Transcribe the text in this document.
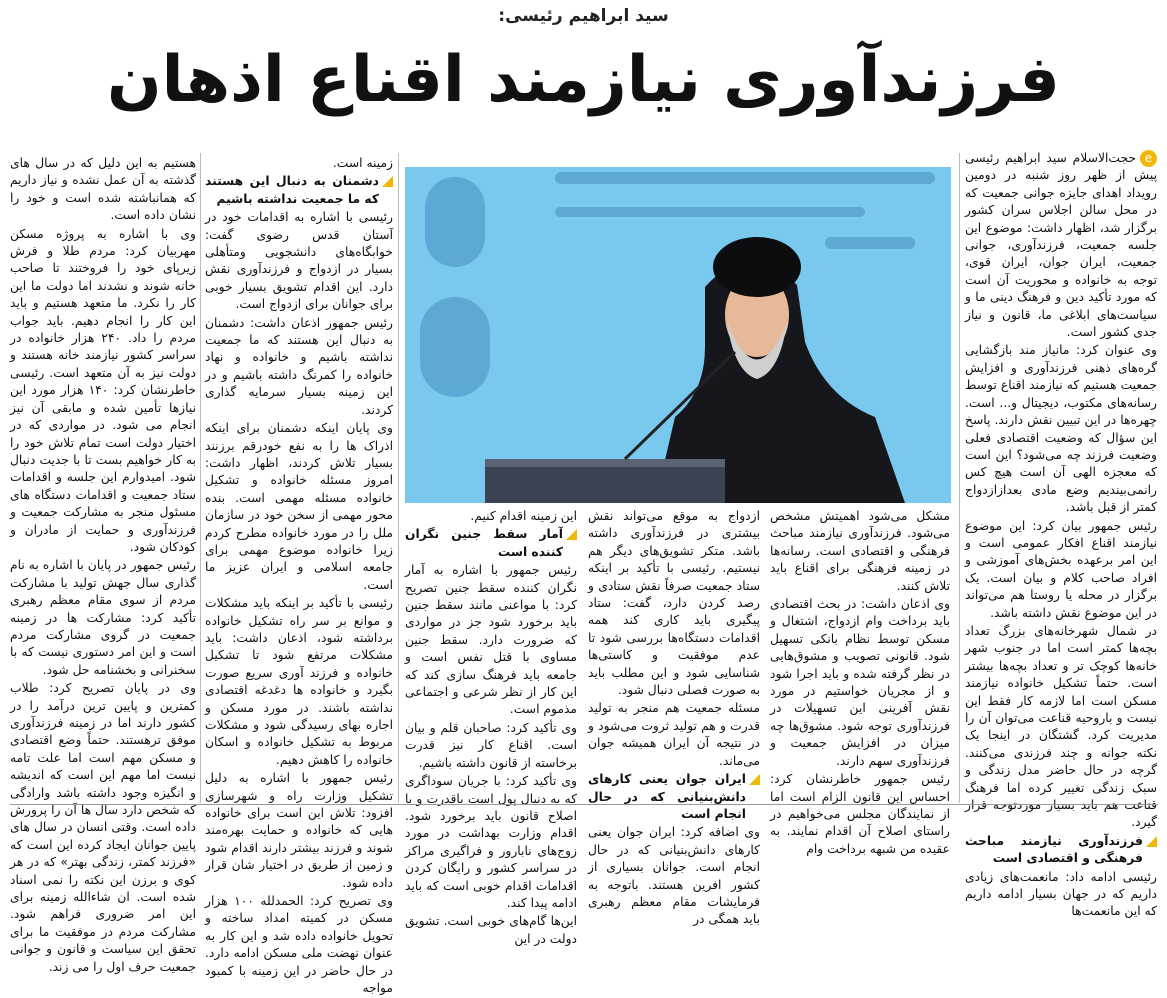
سید ابراهیم رئیسی:
فرزندآوری نیازمند اقناع اذهان

eحجت‌الاسلام سید ابراهیم رئیسی پیش از ظهر روز شنبه در دومین رویداد اهدای جایزه جوانی جمعیت که در محل سالن اجلاس سران کشور برگزار شد، اظهار داشت: موضوع این جلسه جمعیت، فرزندآوری، جوانی جمعیت، ایران جوان، ایران قوی، توجه به خانواده و محوریت آن است که مورد تأکید دین و فرهنگ دینی ما و سیاست‌های ابلاغی ما، قانون و نیاز جدی کشور است.

وی عنوان کرد: مانیاز مند بازگشایی گره‌های ذهنی فرزندآوری و افزایش جمعیت هستیم که نیازمند اقناع توسط رسانه‌های مکتوب، دیجیتال و... است. چهره‌ها در این تبیین نقش دارند. پاسخ این سؤال که وضعیت اقتصادی فعلی وضعیت فرزند چه می‌شود؟ این است که معجزه الهی آن است هیچ کس رانمی‌بیندیم وضع مادی بعدازازدواج کمتر از قبل باشد.

رئیس جمهور بیان کرد: این موضوع نیازمند اقناع افکار عمومی است و این امر برعهده بخش‌های آموزشی و افراد صاحب کلام و بیان است. یک برگزار در محله یا روستا هم می‌تواند در این موضوع نقش داشته باشد.

در شمال شهرخانه‌های بزرگ تعداد بچه‌ها کمتر است اما در جنوب شهر خانه‌ها کوچک تر و تعداد بچه‌ها بیشتر است. حتماً تشکیل خانواده نیازمند مسکن است اما لازمه کار فقط این نیست و باروحیه قناعت می‌توان آن را مدیریت کرد. گشتگان در اینجا یک نکته جوانه و چند فرزندی می‌کنند. گرچه در حال حاضر مدل زندگی و سبک زندگی تغییر کرده اما فرهنگ قناعت هم باید بسیار موردتوجه قرار گیرد.

فرزندآوری نیازمند مباحث فرهنگی و اقتصادی است

رئیسی ادامه داد: مانعمت‌های زیادی داریم که در جهان بسیار ادامه داریم که این مانعمت‌ها

مشکل می‌شود اهمیتش مشخص می‌شود. فرزندآوری نیازمند مباحث فرهنگی و اقتصادی است. رسانه‌ها در زمینه فرهنگی برای اقناع باید تلاش کنند.

وی اذعان داشت: در بحث اقتصادی باید برداخت وام ازدواج، اشتغال و مسکن توسط نظام بانکی تسهیل شود. قانونی تصویب و مشوق‌هایی در نظر گرفته شده و باید اجرا شود و از مجریان خواستیم در مورد نقش آفرینی این تسهیلات در فرزندآوری توجه شود. مشوق‌ها چه میزان در افزایش جمعیت و فرزندآوری سهم دارند.

رئیس جمهور خاطرنشان کرد: احساس این قانون الزام است اما از نمایندگان مجلس می‌خواهیم در راستای اصلاح آن اقدام نمایند. به عقیده من شبهه برداخت وام

ازدواج به موقع می‌تواند نقش بیشتری در فرزندآوری داشته باشد. متکر تشویق‌های دیگر هم نیستیم. رئیسی با تأکید بر اینکه ستاد جمعیت صرفاً نقش ستادی و رصد کردن دارد، گفت: ستاد پیگیری باید کاری کند همه اقدامات دستگاه‌ها بررسی شود تا عدم موفقیت و کاستی‌ها شناسایی شود و این مطلب باید به صورت فصلی دنبال شود.

مسئله جمعیت هم منجر به تولید قدرت و هم تولید ثروت می‌شود و در نتیجه آن ایران همیشه جوان می‌ماند.

ایران جوان یعنی کارهای دانش‌بنیانی که در حال انجام است

وی اضافه کرد: ایران جوان یعنی کارهای دانش‌بنیانی که در حال انجام است. جوانان بسیاری از کشور افرین هستند. باتوجه به فرمایشات مقام معظم رهبری باید همگی در

این زمینه اقدام کنیم.

آمار سقط جنین نگران کننده است

رئیس جمهور با اشاره به آمار نگران کننده سقط جنین تصریح کرد: با مواعنی مانند سقط جنین باید برخورد شود جز در مواردی که ضرورت دارد. سقط جنین مساوی با قتل نفس است و جامعه باید فرهنگ سازی کند که این کار از نظر شرعی و اجتماعی مذموم است.

وی تأکید کرد: صاحبان قلم و بیان است. اقناع کار نیز قدرت برخاسته از قانون داشته باشیم.

وی تأکید کرد: با جریان سوداگری که به دنبال پول است باقدرت و با اصلاح قانون باید برخورد شود. اقدام وزارت بهداشت در مورد زوج‌های نابارور و فراگیری مراکز در سراسر کشور و رایگان کردن اقدامات اقدام خوبی است که باید ادامه پیدا کند.

این‌ها گام‌های خوبی است. تشویق دولت در این

زمینه است.

دشمنان به دنبال این هستند که ما جمعیت نداشته باشیم

رئیسی با اشاره به اقدامات خود در آستان قدس رضوی گفت: خوابگاه‌های دانشجویی ومتأهلی بسیار در ازدواج و فرزندآوری نقش دارد. این اقدام تشویق بسیار خوبی برای جوانان برای ازدواج است.

رئیس جمهور اذعان داشت: دشمنان به دنبال این هستند که ما جمعیت نداشته باشیم و خانواده و نهاد خانواده را کمرنگ داشته باشیم و در این زمینه بسیار سرمایه گذاری کردند.

وی پایان اینکه دشمنان برای اینکه اذراک ها را به نفع خودرقم برزنند بسیار تلاش کردند، اظهار داشت: امروز مسئله خانواده و تشکیل خانواده مسئله مهمی است. بنده محور مهمی از سخن خود در سازمان ملل را در مورد خانواده مطرح کردم زیرا خانواده موضوع مهمی برای جامعه اسلامی و ایران عزیز ما است.

رئیسی با تأکید بر اینکه باید مشکلات و موانع بر سر راه تشکیل خانواده برداشته شود، اذعان داشت: باید مشکلات مرتفع شود تا تشکیل خانواده و فرزند آوری سریع صورت بگیرد و خانواده ها دغدغه اقتصادی نداشته باشند. در مورد مسکن و اجاره بهای رسیدگی شود و مشکلات مربوط به تشکیل خانواده و اسکان خانواده را کاهش دهیم.

رئیس جمهور با اشاره به دلیل تشکیل وزارت راه و شهرسازی افزود: تلاش این است برای خانواده هایی که خانواده و حمایت بهره‌مند شوند و فرزند بیشتر دارند اقدام شود و زمین از طریق در اختیار شان قرار داده شود.

وی تصریح کرد: الحمدلله ۱۰۰ هزار مسکن در کمیته امداد ساخته و تحویل خانواده داده شد و این کار به عنوان نهضت ملی مسکن ادامه دارد. در حال حاضر در این زمینه با کمبود مواجه

هستیم به این دلیل که در سال های گذشته به آن عمل نشده و نیاز داریم که همانباشته شده است و خود را نشان داده است.

وی با اشاره به پروژه مسکن مهربیان کرد: مردم طلا و فرش زیرپای خود را فروختند تا صاحب خانه شوند و نشدند اما دولت ما این کار را نکرد. ما متعهد هستیم و باید این کار را انجام دهیم. باید جواب مردم را داد. ۲۴۰ هزار خانواده در سراسر کشور نیازمند خانه هستند و دولت نیز به آن متعهد است. رئیسی خاطرنشان کرد: ۱۴۰ هزار مورد این نیازها تأمین شده و مابقی آن نیز انجام می شود. در مواردی که در اختیار دولت است تمام تلاش خود را به کار خواهیم بست تا با جدیت دنبال شود. امیدوارم این جلسه و اقدامات ستاد جمعیت و اقدامات دستگاه های مسئول منجر به مشارکت جمعیت و فرزندآوری و حمایت از مادران و کودکان شود.

رئیس جمهور در پایان با اشاره به نام گذاری سال جهش تولید با مشارکت مردم از سوی مقام معظم رهبری تأکید کرد: مشارکت ها در زمینه جمعیت در گروی مشارکت مردم است و این امر دستوری نیست که با سخنرانی و بخشنامه حل شود.

وی در پایان تصریح کرد: طلاب کمترین و پایین ترین درآمد را در کشور دارند اما در زمینه فرزندآوری موفق ترهستند. حتماً وضع اقتصادی و مسکن مهم است اما علت تامه نیست اما مهم این است که اندیشه و انگیزه وجود داشته باشد وارادگی که شخص دارد سال ها آن را پرورش داده است. وقتی انسان در سال های پایین جوانان ایجاد کرده این است که «فرزند کمتر، زندگی بهتر» که در هر کوی و برزن این نکته را نمی اسناد شده است. ان شاءالله زمینه برای این امر ضروری فراهم شود. مشارکت مردم در موفقیت ما برای تحقق این سیاست و قانون و جوانی جمعیت حرف اول را می زند.
